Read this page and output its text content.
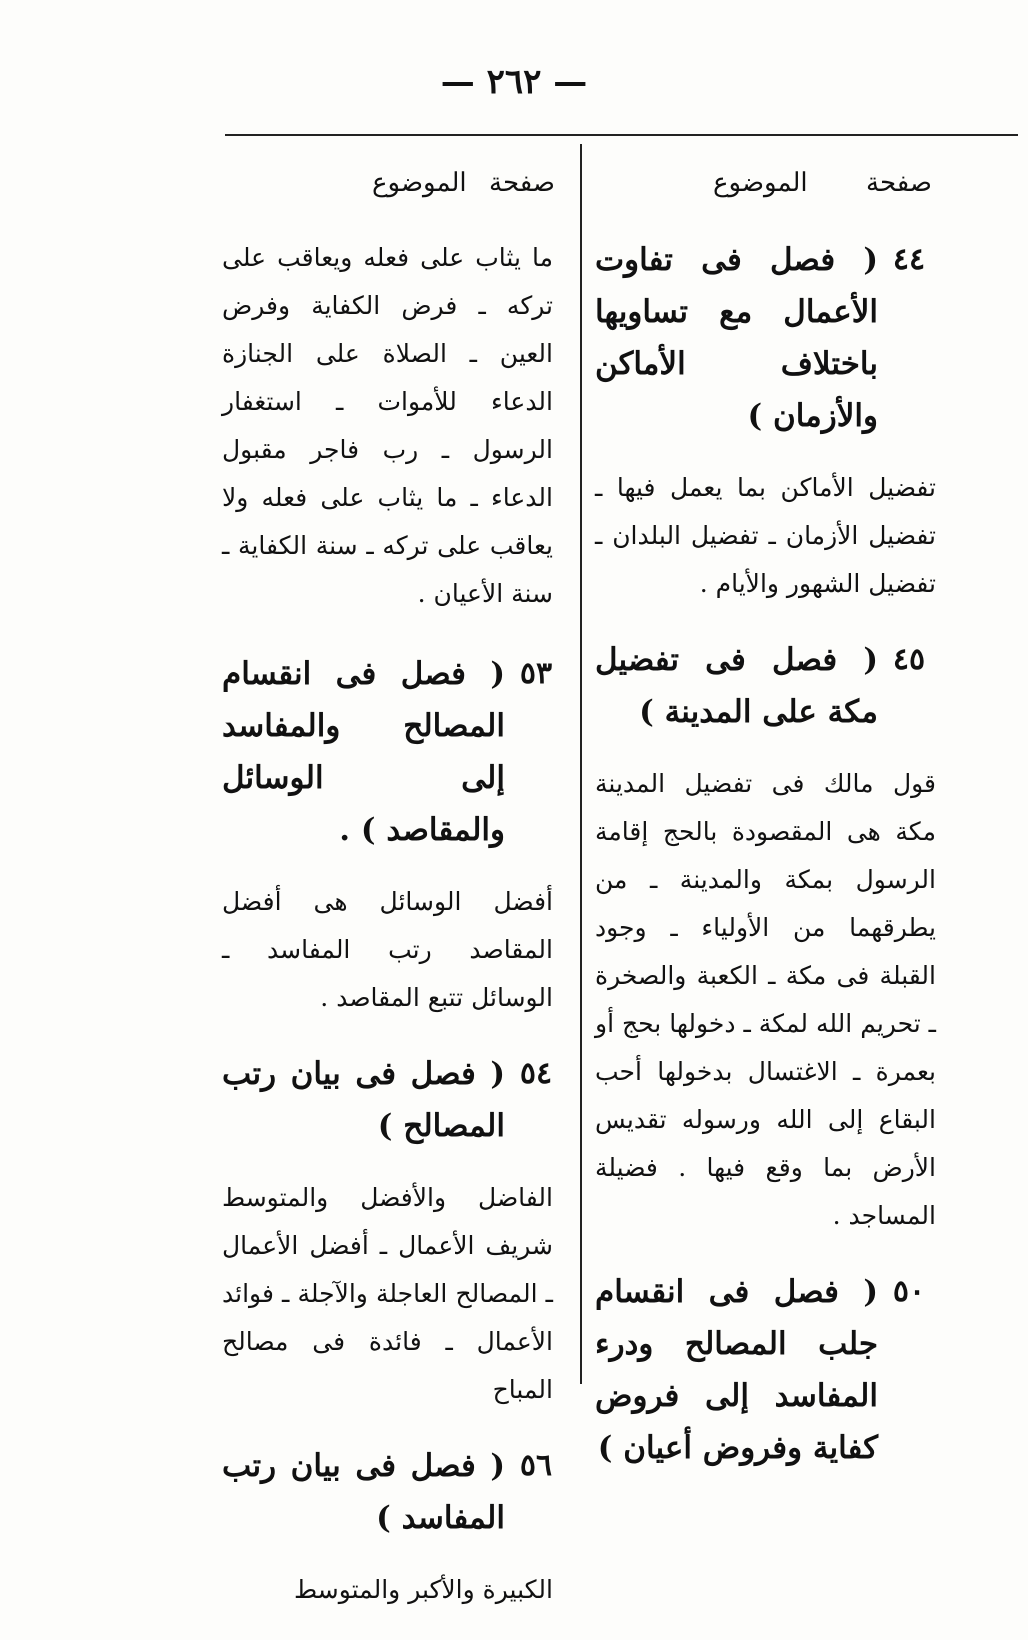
— ٢٦٢ —
صفحة
الموضوع
٤٤
( فصل فى تفاوت الأعمال مع تساويها باختلاف الأماكن والأزمان )

تفضيل الأماكن بما يعمل فيها ـ تفضيل الأزمان ـ تفضيل البلدان ـ تفضيل الشهور والأيام .

٤٥
( فصل فى تفضيل مكة على المدينة )

قول مالك فى تفضيل المدينة مكة هى المقصودة بالحج إقامة الرسول بمكة والمدينة ـ من يطرقهما من الأولياء ـ وجود القبلة فى مكة ـ الكعبة والصخرة ـ تحريم الله لمكة ـ دخولها بحج أو بعمرة ـ الاغتسال بدخولها أحب البقاع إلى الله ورسوله تقديس الأرض بما وقع فيها . فضيلة المساجد .

٥٠
( فصل فى انقسام جلب المصالح ودرء المفاسد إلى فروض كفاية وفروض أعيان )
صفحة
الموضوع

ما يثاب على فعله ويعاقب على تركه ـ فرض الكفاية وفرض العين ـ الصلاة على الجنازة الدعاء للأموات ـ استغفار الرسول ـ رب فاجر مقبول الدعاء ـ ما يثاب على فعله ولا يعاقب على تركه ـ سنة الكفاية ـ سنة الأعيان .

٥٣
( فصل فى انقسام المصالح والمفاسد إلى الوسائل والمقاصد ) .

أفضل الوسائل هى أفضل المقاصد رتب المفاسد ـ الوسائل تتبع المقاصد .

٥٤
( فصل فى بيان رتب المصالح )

الفاضل والأفضل والمتوسط شريف الأعمال ـ أفضل الأعمال ـ المصالح العاجلة والآجلة ـ فوائد الأعمال ـ فائدة فى مصالح المباح

٥٦
( فصل فى بيان رتب المفاسد )

الكبيرة والأكبر والمتوسط
